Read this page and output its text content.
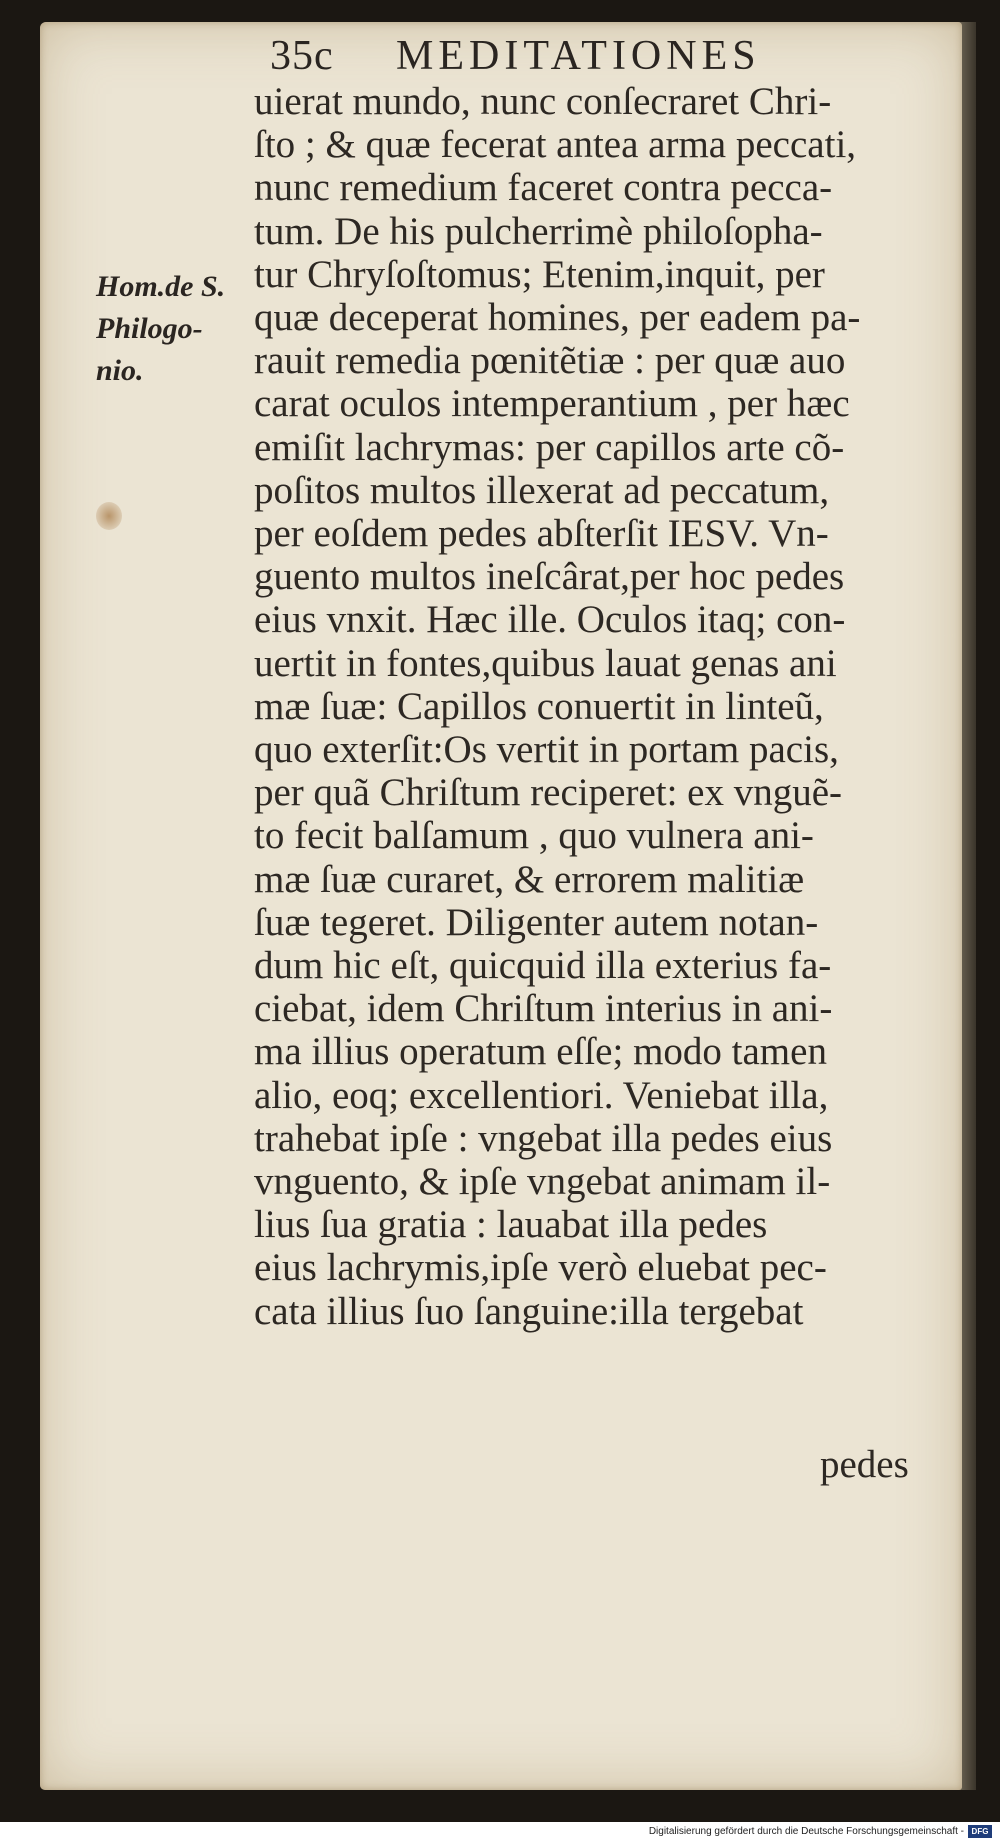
35c MEDITATIONES
Hom.de S.
Philogo-
nio.
uierat mundo, nunc conſecraret Chri-
ſto ; & quæ fecerat antea arma peccati,
nunc remedium faceret contra pecca-
tum. De his pulcherrimè philoſopha-
tur Chryſoſtomus; Etenim,inquit, per
quæ deceperat homines, per eadem pa-
rauit remedia pœnitẽtiæ : per quæ auo
carat oculos intemperantium , per hæc
emiſit lachrymas: per capillos arte cõ-
poſitos multos illexerat ad peccatum,
per eoſdem pedes abſterſit IESV. Vn-
guento multos ineſcârat,per hoc pedes
eius vnxit. Hæc ille. Oculos itaq; con-
uertit in fontes,quibus lauat genas ani
mæ ſuæ: Capillos conuertit in linteũ,
quo exterſit:Os vertit in portam pacis,
per quã Chriſtum reciperet: ex vnguẽ-
to fecit balſamum , quo vulnera ani-
mæ ſuæ curaret, & errorem malitiæ
ſuæ tegeret. Diligenter autem notan-
dum hic eſt, quicquid illa exterius fa-
ciebat, idem Chriſtum interius in ani-
ma illius operatum eſſe; modo tamen
alio, eoq; excellentiori. Veniebat illa,
trahebat ipſe : vngebat illa pedes eius
vnguento, & ipſe vngebat animam il-
lius ſua gratia : lauabat illa pedes
eius lachrymis,ipſe verò eluebat pec-
cata illius ſuo ſanguine:illa tergebat
pedes
Digitalisierung gefördert durch die Deutsche Forschungsgemeinschaft - DFG
